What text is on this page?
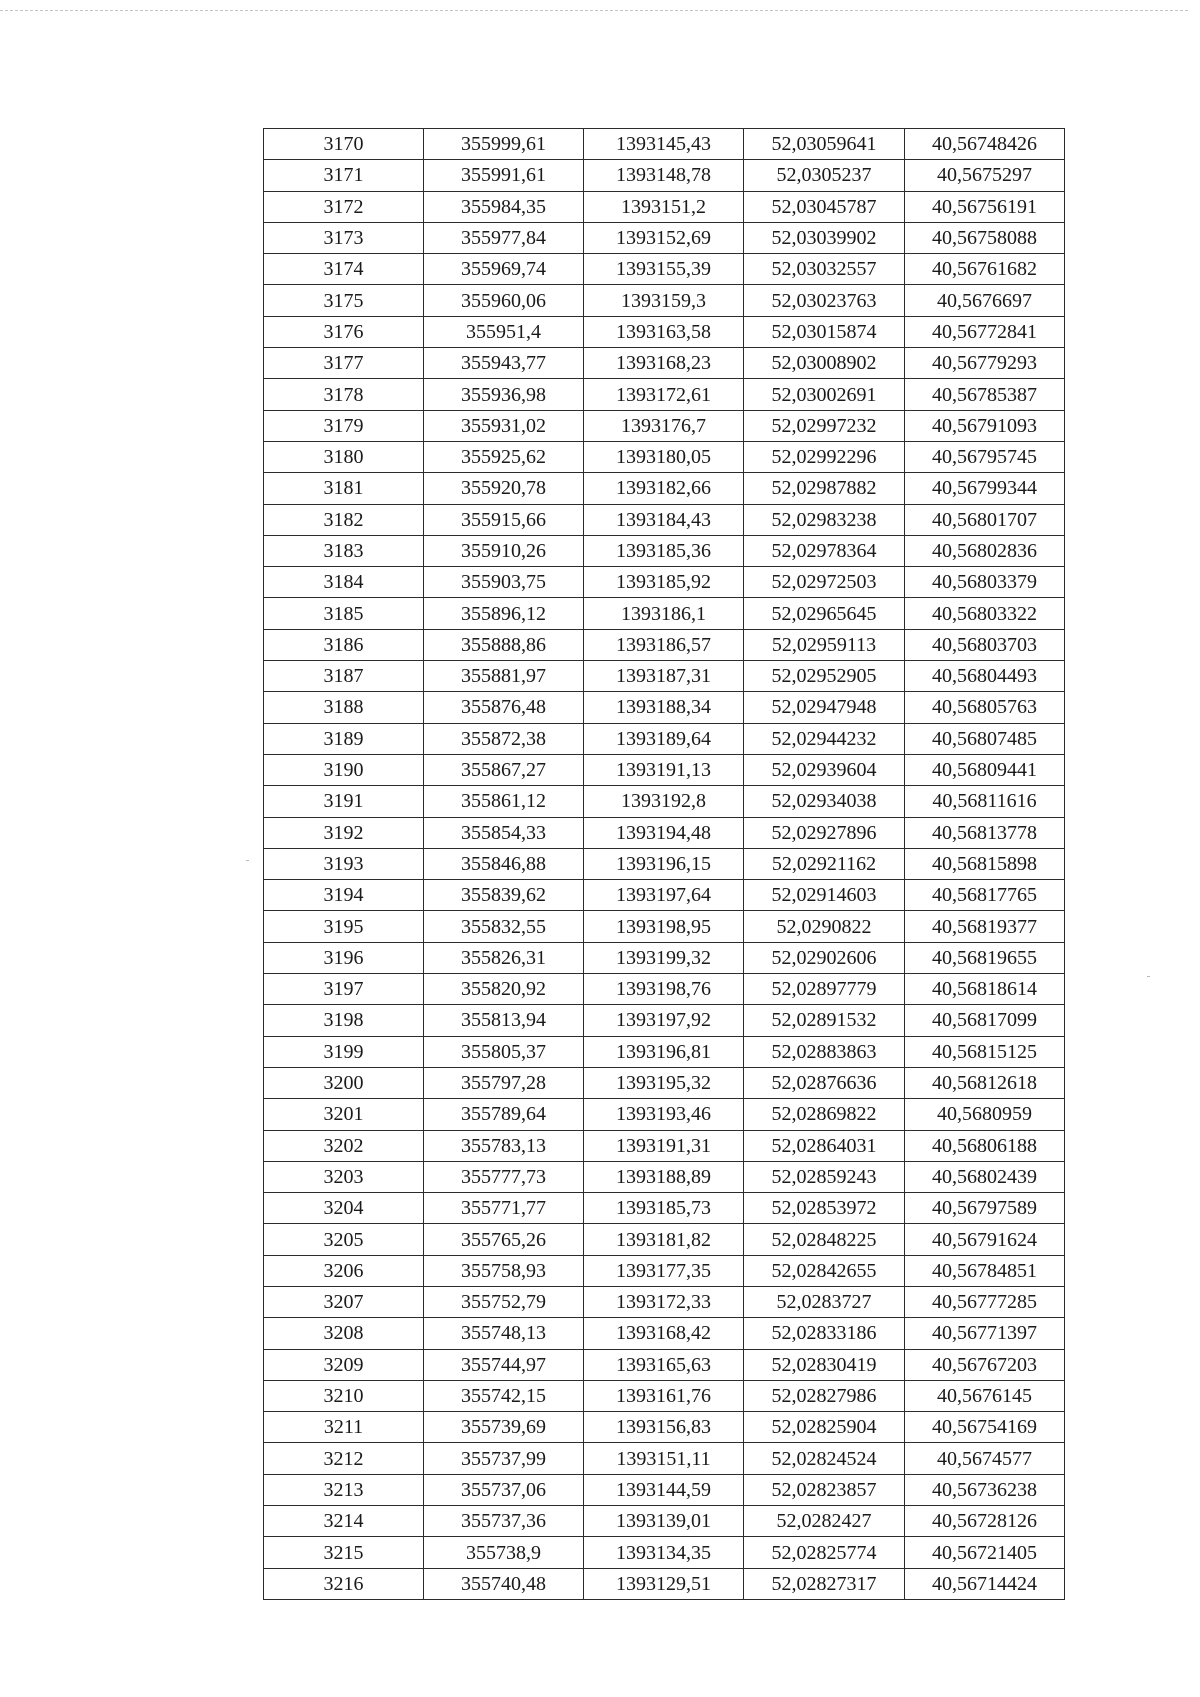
3170	355999,61	1393145,43	52,03059641	40,56748426
3171	355991,61	1393148,78	52,0305237	40,5675297
3172	355984,35	1393151,2	52,03045787	40,56756191
3173	355977,84	1393152,69	52,03039902	40,56758088
3174	355969,74	1393155,39	52,03032557	40,56761682
3175	355960,06	1393159,3	52,03023763	40,5676697
3176	355951,4	1393163,58	52,03015874	40,56772841
3177	355943,77	1393168,23	52,03008902	40,56779293
3178	355936,98	1393172,61	52,03002691	40,56785387
3179	355931,02	1393176,7	52,02997232	40,56791093
3180	355925,62	1393180,05	52,02992296	40,56795745
3181	355920,78	1393182,66	52,02987882	40,56799344
3182	355915,66	1393184,43	52,02983238	40,56801707
3183	355910,26	1393185,36	52,02978364	40,56802836
3184	355903,75	1393185,92	52,02972503	40,56803379
3185	355896,12	1393186,1	52,02965645	40,56803322
3186	355888,86	1393186,57	52,02959113	40,56803703
3187	355881,97	1393187,31	52,02952905	40,56804493
3188	355876,48	1393188,34	52,02947948	40,56805763
3189	355872,38	1393189,64	52,02944232	40,56807485
3190	355867,27	1393191,13	52,02939604	40,56809441
3191	355861,12	1393192,8	52,02934038	40,56811616
3192	355854,33	1393194,48	52,02927896	40,56813778
3193	355846,88	1393196,15	52,02921162	40,56815898
3194	355839,62	1393197,64	52,02914603	40,56817765
3195	355832,55	1393198,95	52,0290822	40,56819377
3196	355826,31	1393199,32	52,02902606	40,56819655
3197	355820,92	1393198,76	52,02897779	40,56818614
3198	355813,94	1393197,92	52,02891532	40,56817099
3199	355805,37	1393196,81	52,02883863	40,56815125
3200	355797,28	1393195,32	52,02876636	40,56812618
3201	355789,64	1393193,46	52,02869822	40,5680959
3202	355783,13	1393191,31	52,02864031	40,56806188
3203	355777,73	1393188,89	52,02859243	40,56802439
3204	355771,77	1393185,73	52,02853972	40,56797589
3205	355765,26	1393181,82	52,02848225	40,56791624
3206	355758,93	1393177,35	52,02842655	40,56784851
3207	355752,79	1393172,33	52,0283727	40,56777285
3208	355748,13	1393168,42	52,02833186	40,56771397
3209	355744,97	1393165,63	52,02830419	40,56767203
3210	355742,15	1393161,76	52,02827986	40,5676145
3211	355739,69	1393156,83	52,02825904	40,56754169
3212	355737,99	1393151,11	52,02824524	40,5674577
3213	355737,06	1393144,59	52,02823857	40,56736238
3214	355737,36	1393139,01	52,0282427	40,56728126
3215	355738,9	1393134,35	52,02825774	40,56721405
3216	355740,48	1393129,51	52,02827317	40,56714424
